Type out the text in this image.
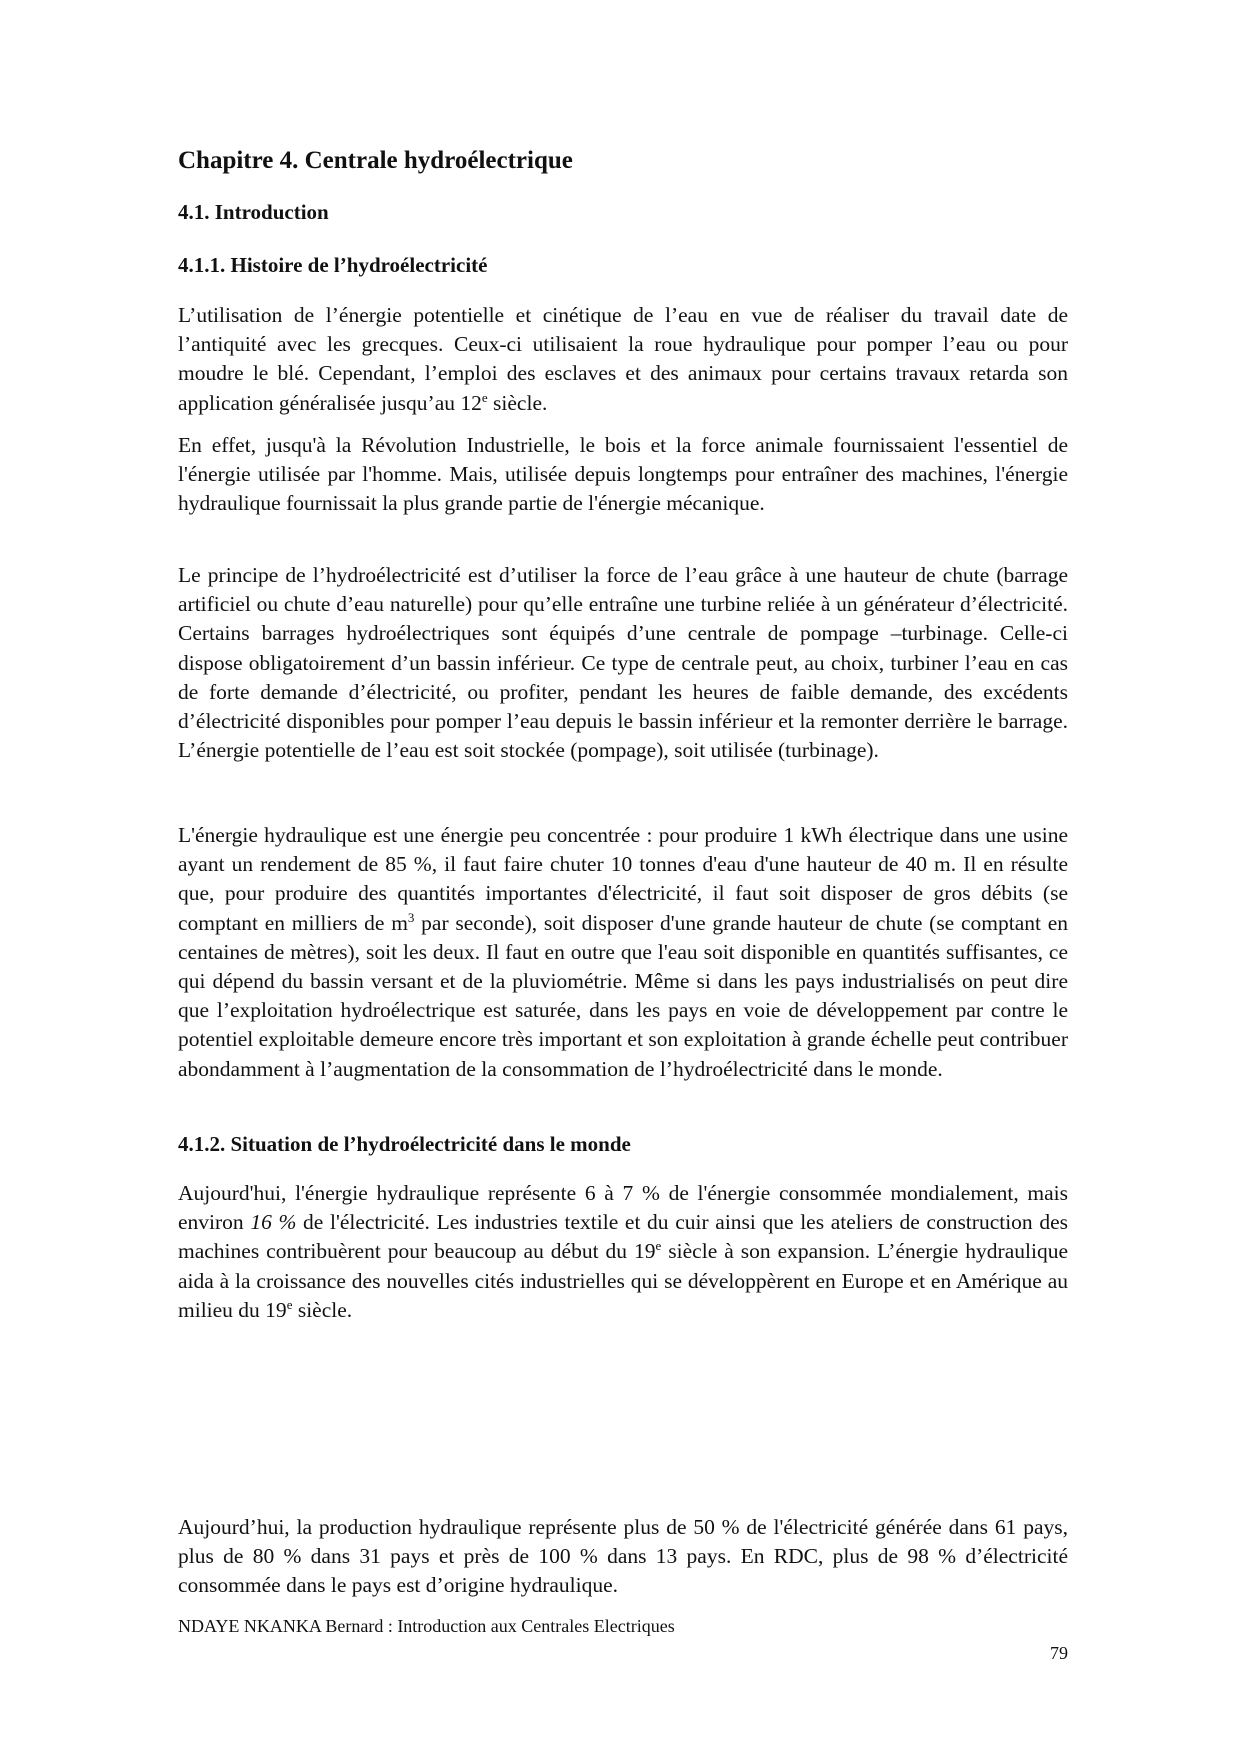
Chapitre 4. Centrale hydroélectrique
4.1. Introduction
4.1.1. Histoire de l’hydroélectricité

L’utilisation de l’énergie potentielle et cinétique de l’eau en vue de réaliser du travail date de l’antiquité avec les grecques. Ceux-ci utilisaient la roue hydraulique pour pomper l’eau ou pour moudre le blé. Cependant, l’emploi des esclaves et des animaux pour certains travaux retarda son application généralisée jusqu’au 12e siècle.

En effet, jusqu'à la Révolution Industrielle, le bois et la force animale fournissaient l'essentiel de l'énergie utilisée par l'homme. Mais, utilisée depuis longtemps pour entraîner des machines, l'énergie hydraulique fournissait la plus grande partie de l'énergie mécanique.

Le principe de l’hydroélectricité est d’utiliser la force de l’eau grâce à une hauteur de chute (barrage artificiel ou chute d’eau naturelle) pour qu’elle entraîne une turbine reliée à un générateur d’électricité. Certains barrages hydroélectriques sont équipés d’une centrale de pompage –turbinage. Celle-ci dispose obligatoirement d’un bassin inférieur. Ce type de centrale peut, au choix, turbiner l’eau en cas de forte demande d’électricité, ou profiter, pendant les heures de faible demande, des excédents d’électricité disponibles pour pomper l’eau depuis le bassin inférieur et la remonter derrière le barrage. L’énergie potentielle de l’eau est soit stockée (pompage), soit utilisée (turbinage).

L'énergie hydraulique est une énergie peu concentrée : pour produire 1 kWh électrique dans une usine ayant un rendement de 85 %, il faut faire chuter 10 tonnes d'eau d'une hauteur de 40 m. Il en résulte que, pour produire des quantités importantes d'électricité, il faut soit disposer de gros débits (se comptant en milliers de $m^3$ par seconde), soit disposer d'une grande hauteur de chute (se comptant en centaines de mètres), soit les deux. Il faut en outre que l'eau soit disponible en quantités suffisantes, ce qui dépend du bassin versant et de la pluviométrie. Même si dans les pays industrialisés on peut dire que l’exploitation hydroélectrique est saturée, dans les pays en voie de développement par contre le potentiel exploitable demeure encore très important et son exploitation à grande échelle peut contribuer abondamment à l’augmentation de la consommation de l’hydroélectricité dans le monde.

4.1.2. Situation de l’hydroélectricité dans le monde

Aujourd'hui, l'énergie hydraulique représente 6 à 7 % de l'énergie consommée mondialement, mais environ 16 % de l'électricité. Les industries textile et du cuir ainsi que les ateliers de construction des machines contribuèrent pour beaucoup au début du 19e siècle à son expansion. L’énergie hydraulique aida à la croissance des nouvelles cités industrielles qui se développèrent en Europe et en Amérique au milieu du 19e siècle.

Aujourd’hui, la production hydraulique représente plus de 50 % de l'électricité générée dans 61 pays, plus de 80 % dans 31 pays et près de 100 % dans 13 pays. En RDC, plus de 98 % d’électricité consommée dans le pays est d’origine hydraulique.

NDAYE NKANKA Bernard : Introduction aux Centrales Electriques
79
